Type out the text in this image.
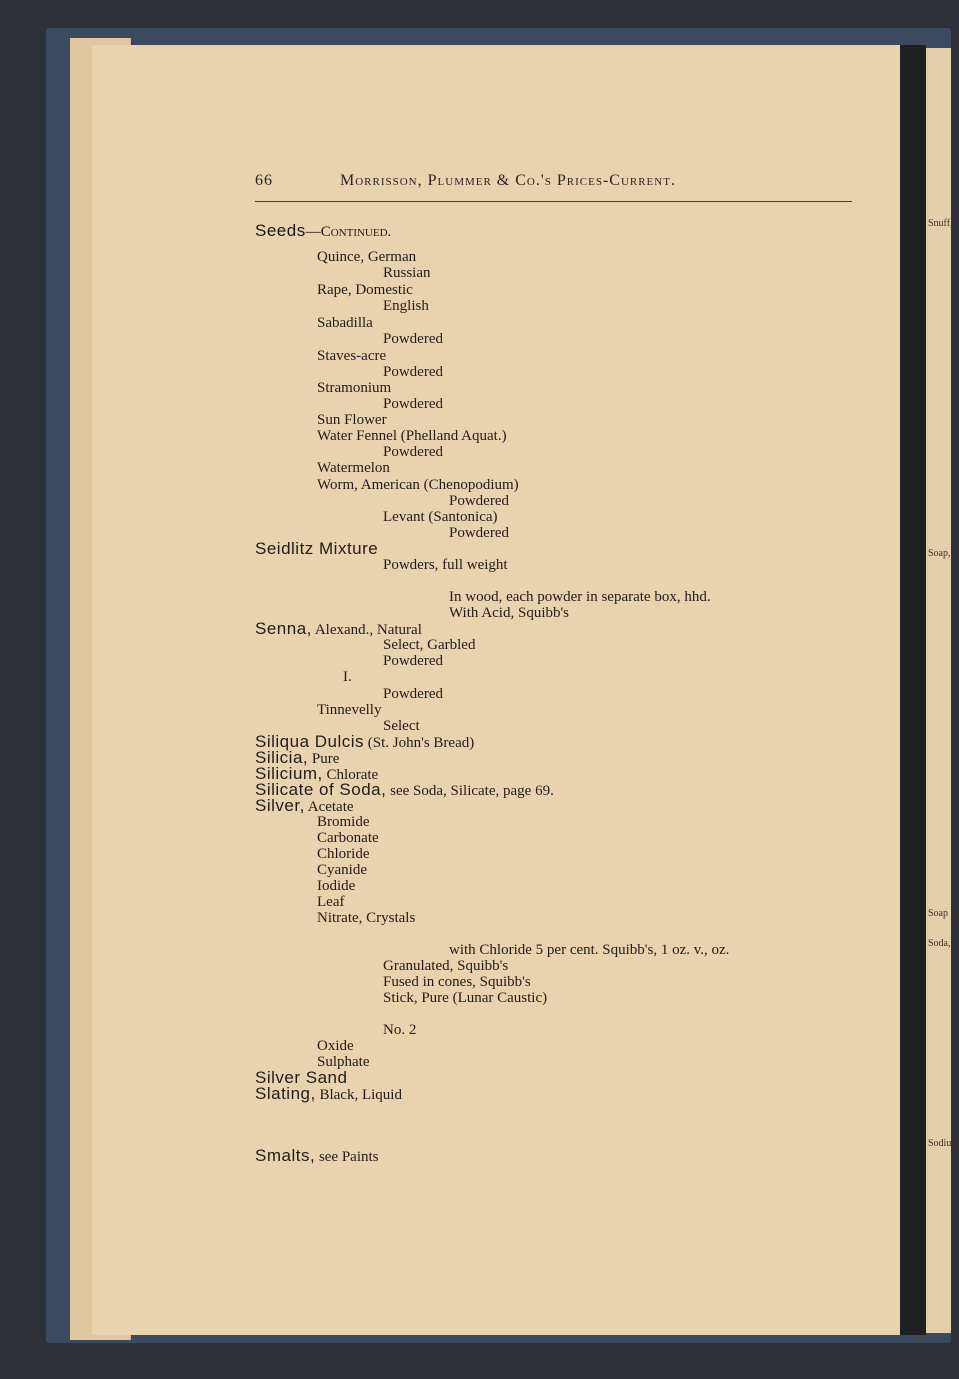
Snuff,
Soap,
Soap S
Soda,
Sodium
66	Morrisson, Plummer & Co.'s Prices-Current.
Seeds—Continued.
Quince, German
Russian
Rape, Domestic
English
Sabadilla
Powdered
Staves-acre
Powdered
Stramonium
Powdered
Sun Flower
Water Fennel (Phelland Aquat.)
Powdered
Watermelon
Worm, American (Chenopodium)
Powdered
Levant (Santonica)
Powdered
Seidlitz Mixture
Powders, full weight
In wood, each powder in separate box, hhd.
With Acid, Squibb's
Senna, Alexand., Natural
Select, Garbled
Powdered
I.
Powdered
Tinnevelly
Select
Siliqua Dulcis (St. John's Bread)
Silicia, Pure
Silicium, Chlorate
Silicate of Soda, see Soda, Silicate, page 69.
Silver, Acetate
Bromide
Carbonate
Chloride
Cyanide
Iodide
Leaf
Nitrate, Crystals
with Chloride 5 per cent. Squibb's, 1 oz. v., oz.
Granulated, Squibb's
Fused in cones, Squibb's
Stick, Pure (Lunar Caustic)
No. 2
Oxide
Sulphate
Silver Sand
Slating, Black, Liquid
Smalts, see Paints
